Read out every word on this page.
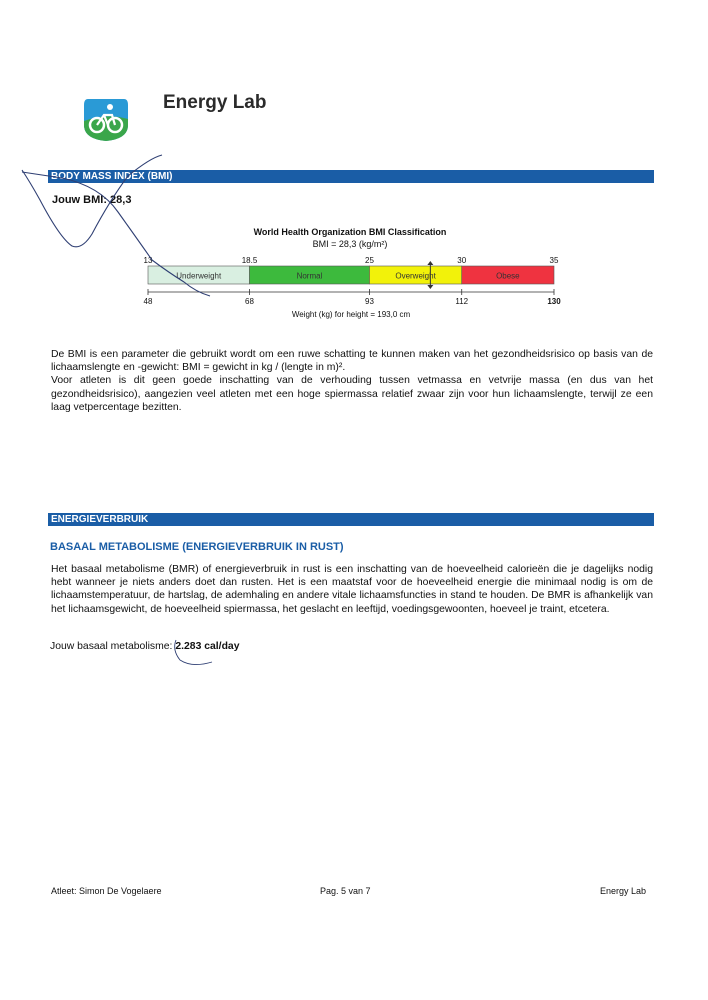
Energy Lab
BODY MASS INDEX (BMI)
Jouw BMI: 28,3
World Health Organization BMI Classification
BMI = 28,3 (kg/m²)
Underweight	Normal	Overweight	Obese
13	18.5	25	30	35
48	68	93	112	130
Weight (kg) for height = 193,0 cm

De BMI is een parameter die gebruikt wordt om een ruwe schatting te kunnen maken van het gezondheidsrisico op basis van de lichaamslengte en -gewicht: BMI = gewicht in kg / (lengte in m)².

Voor atleten is dit geen goede inschatting van de verhouding tussen vetmassa en vetvrije massa (en dus van het gezondheidsrisico), aangezien veel atleten met een hoge spiermassa relatief zwaar zijn voor hun lichaamslengte, terwijl ze een laag vetpercentage bezitten.

ENERGIEVERBRUIK
BASAAL METABOLISME (ENERGIEVERBRUIK IN RUST)

Het basaal metabolisme (BMR) of energieverbruik in rust is een inschatting van de hoeveelheid calorieën die je dagelijks nodig hebt wanneer je niets anders doet dan rusten. Het is een maatstaf voor de hoeveelheid energie die minimaal nodig is om de lichaamstemperatuur, de hartslag, de ademhaling en andere vitale lichaamsfuncties in stand te houden. De BMR is afhankelijk van het lichaamsgewicht, de hoeveelheid spiermassa, het geslacht en leeftijd, voedingsgewoonten, hoeveel je traint, etcetera.

Jouw basaal metabolisme: 2.283 cal/day
Atleet: Simon De Vogelaere	Pag. 5 van 7	Energy Lab
